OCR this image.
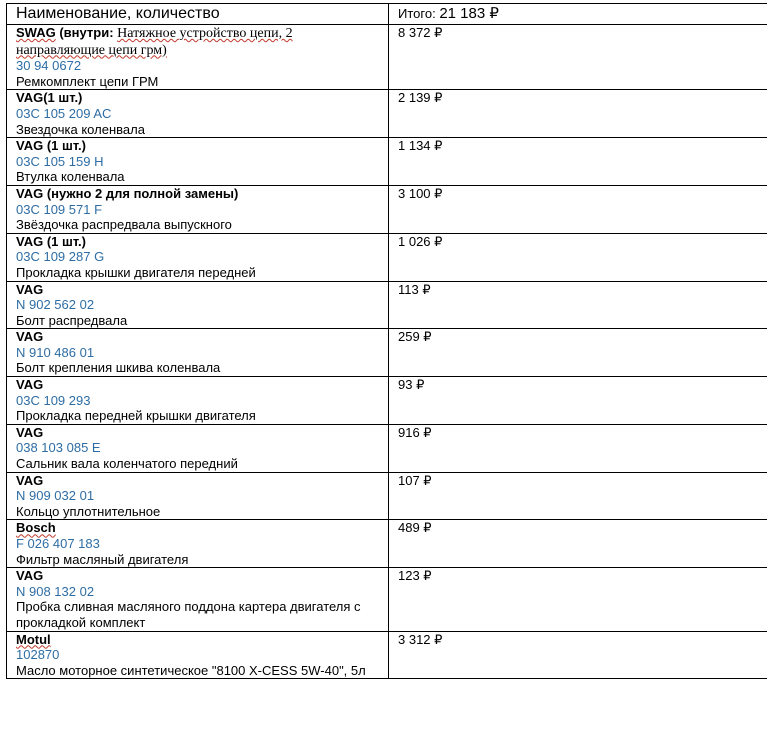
Наименование, количество	Итого: 21 183 ₽

SWAG (внутри: Натяжное устройство цепи, 2 направляющие цепи грм)
30 94 0672
Ремкомплект цепи ГРМ	8 372 ₽

VAG(1 шт.)
03C 105 209 AC
Звездочка коленвала	2 139 ₽

VAG (1 шт.)
03C 105 159 H
Втулка коленвала	1 134 ₽

VAG (нужно 2 для полной замены)
03C 109 571 F
Звёздочка распредвала выпускного	3 100 ₽

VAG (1 шт.)
03C 109 287 G
Прокладка крышки двигателя передней	1 026 ₽

VAG
N 902 562 02
Болт распредвала	113 ₽

VAG
N 910 486 01
Болт крепления шкива коленвала	259 ₽

VAG
03C 109 293
Прокладка передней крышки двигателя	93 ₽

VAG
038 103 085 E
Сальник вала коленчатого передний	916 ₽

VAG
N 909 032 01
Кольцо уплотнительное	107 ₽

Bosch
F 026 407 183
Фильтр масляный двигателя	489 ₽

VAG
N 908 132 02
Пробка сливная масляного поддона картера двигателя с прокладкой комплект	123 ₽

Motul
102870
Масло моторное синтетическое "8100 X-CESS 5W-40", 5л	3 312 ₽
